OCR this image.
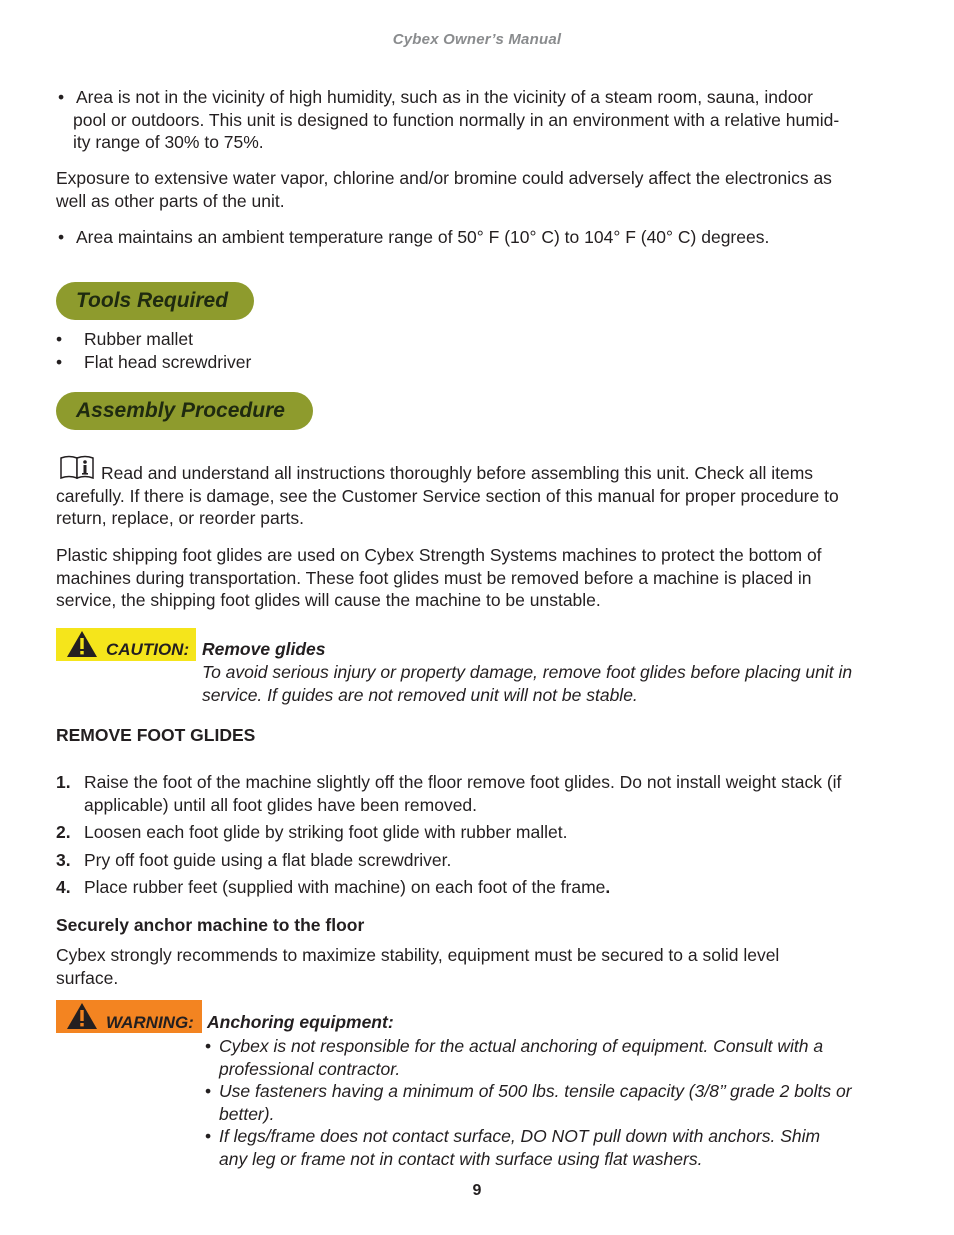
Cybex Owner’s Manual

• Area is not in the vicinity of high humidity, such as in the vicinity of a steam room, sauna, indoor

pool or outdoors. This unit is designed to function normally in an environment with a relative humid-

ity range of 30% to 75%.

Exposure to extensive water vapor, chlorine and/or bromine could adversely affect the electronics as

well as other parts of the unit.

• Area maintains an ambient temperature range of 50° F (10° C) to 104° F (40° C) degrees.

Tools Required

• Rubber mallet

• Flat head screwdriver

Assembly Procedure

Read and understand all instructions thoroughly before assembling this unit. Check all items

carefully. If there is damage, see the Customer Service section of this manual for proper procedure to

return, replace, or reorder parts.

Plastic shipping foot glides are used on Cybex Strength Systems machines to protect the bottom of

machines during transportation. These foot glides must be removed before a machine is placed in

service, the shipping foot glides will cause the machine to be unstable.

CAUTION: Remove glides

To avoid serious injury or property damage, remove foot glides before placing unit in

service. If guides are not removed unit will not be stable.

REMOVE FOOT GLIDES

1. Raise the foot of the machine slightly off the floor remove foot glides. Do not install weight stack (if

applicable) until all foot glides have been removed.

2. Loosen each foot glide by striking foot glide with rubber mallet.

3. Pry off foot guide using a flat blade screwdriver.

4. Place rubber feet (supplied with machine) on each foot of the frame.

Securely anchor machine to the floor

Cybex strongly recommends to maximize stability, equipment must be secured to a solid level

surface.

WARNING: Anchoring equipment:

• Cybex is not responsible for the actual anchoring of equipment. Consult with a

professional contractor.

• Use fasteners having a minimum of 500 lbs. tensile capacity (3/8’’ grade 2 bolts or

better).

• If legs/frame does not contact surface, DO NOT pull down with anchors. Shim

any leg or frame not in contact with surface using flat washers.

9
